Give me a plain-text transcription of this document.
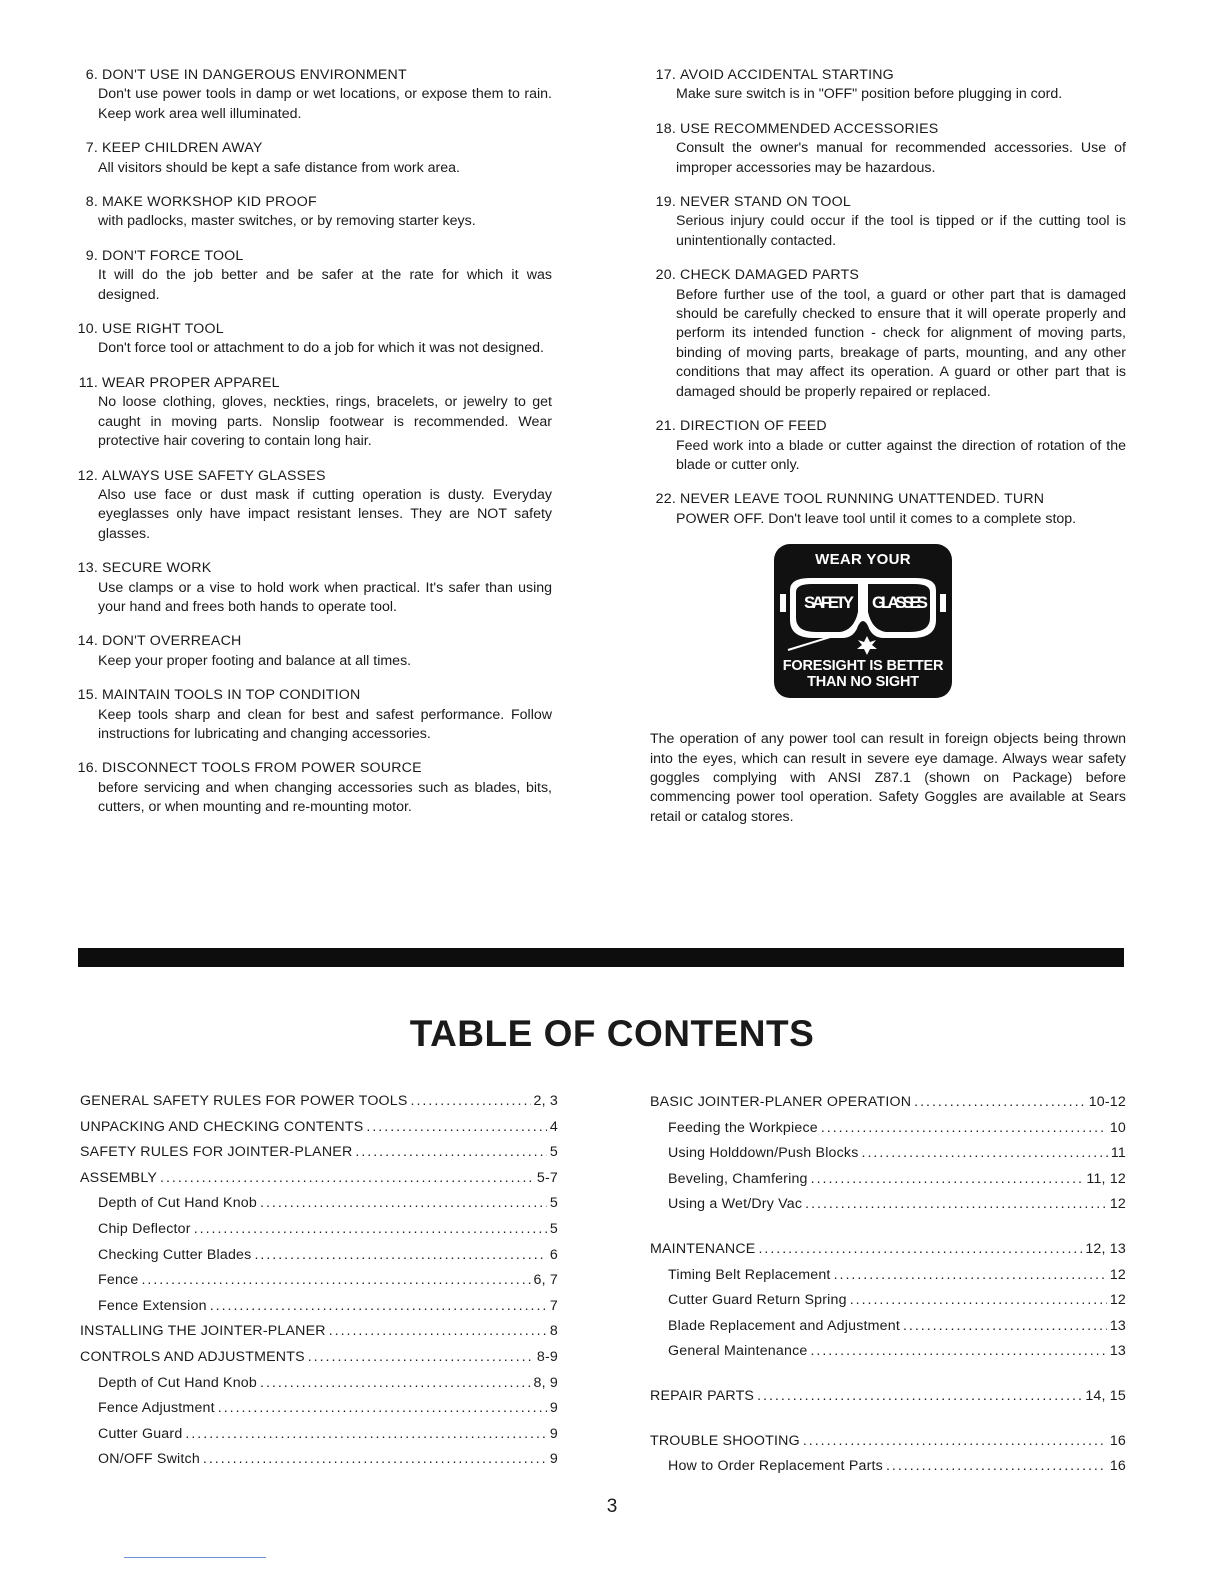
6. DON'T USE IN DANGEROUS ENVIRONMENT
Don't use power tools in damp or wet locations, or expose them to rain. Keep work area well illuminated.
7. KEEP CHILDREN AWAY
All visitors should be kept a safe distance from work area.
8. MAKE WORKSHOP KID PROOF
with padlocks, master switches, or by removing starter keys.
9. DON'T FORCE TOOL
It will do the job better and be safer at the rate for which it was designed.
10. USE RIGHT TOOL
Don't force tool or attachment to do a job for which it was not designed.
11. WEAR PROPER APPAREL
No loose clothing, gloves, neckties, rings, bracelets, or jewelry to get caught in moving parts. Nonslip footwear is recommended. Wear protective hair covering to contain long hair.
12. ALWAYS USE SAFETY GLASSES
Also use face or dust mask if cutting operation is dusty. Everyday eyeglasses only have impact resistant lenses. They are NOT safety glasses.
13. SECURE WORK
Use clamps or a vise to hold work when practical. It's safer than using your hand and frees both hands to operate tool.
14. DON'T OVERREACH
Keep your proper footing and balance at all times.
15. MAINTAIN TOOLS IN TOP CONDITION
Keep tools sharp and clean for best and safest performance. Follow instructions for lubricating and changing accessories.
16. DISCONNECT TOOLS FROM POWER SOURCE
before servicing and when changing accessories such as blades, bits, cutters, or when mounting and re-mounting motor.
17. AVOID ACCIDENTAL STARTING
Make sure switch is in "OFF" position before plugging in cord.
18. USE RECOMMENDED ACCESSORIES
Consult the owner's manual for recommended accessories. Use of improper accessories may be hazardous.
19. NEVER STAND ON TOOL
Serious injury could occur if the tool is tipped or if the cutting tool is unintentionally contacted.
20. CHECK DAMAGED PARTS
Before further use of the tool, a guard or other part that is damaged should be carefully checked to ensure that it will operate properly and perform its intended function - check for alignment of moving parts, binding of moving parts, breakage of parts, mounting, and any other conditions that may affect its operation. A guard or other part that is damaged should be properly repaired or replaced.
21. DIRECTION OF FEED
Feed work into a blade or cutter against the direction of rotation of the blade or cutter only.
22. NEVER LEAVE TOOL RUNNING UNATTENDED. TURN
POWER OFF. Don't leave tool until it comes to a complete stop.
WEAR YOUR
SAFETY GLASSES
FORESIGHT IS BETTER
THAN NO SIGHT
The operation of any power tool can result in foreign objects being thrown into the eyes, which can result in severe eye damage. Always wear safety goggles complying with ANSI Z87.1 (shown on Package) before commencing power tool operation. Safety Goggles are available at Sears retail or catalog stores.
TABLE OF CONTENTS
GENERAL SAFETY RULES FOR POWER TOOLS .....	2, 3
UNPACKING AND CHECKING CONTENTS .....	4
SAFETY RULES FOR JOINTER-PLANER .....	5
ASSEMBLY .....	5-7
Depth of Cut Hand Knob .....	5
Chip Deflector .....	5
Checking Cutter Blades .....	6
Fence .....	6, 7
Fence Extension .....	7
INSTALLING THE JOINTER-PLANER .....	8
CONTROLS AND ADJUSTMENTS .....	8-9
Depth of Cut Hand Knob .....	8, 9
Fence Adjustment .....	9
Cutter Guard .....	9
ON/OFF Switch .....	9
BASIC JOINTER-PLANER OPERATION .....	10-12
Feeding the Workpiece .....	10
Using Holddown/Push Blocks .....	11
Beveling, Chamfering .....	11, 12
Using a Wet/Dry Vac .....	12
MAINTENANCE .....	12, 13
Timing Belt Replacement .....	12
Cutter Guard Return Spring .....	12
Blade Replacement and Adjustment .....	13
General Maintenance .....	13
REPAIR PARTS .....	14, 15
TROUBLE SHOOTING .....	16
How to Order Replacement Parts .....	16
3
